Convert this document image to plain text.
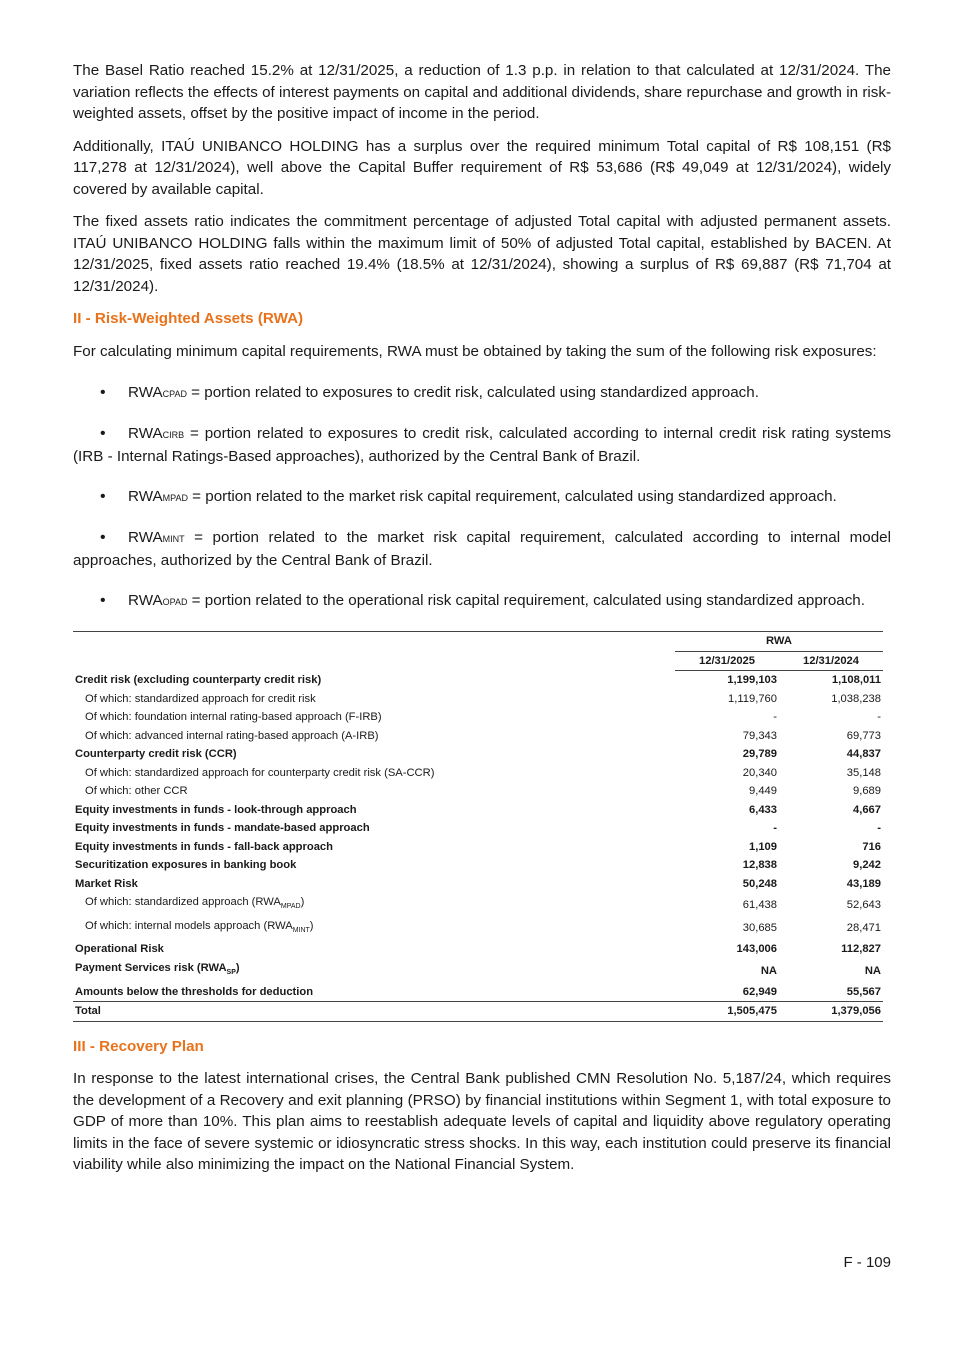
The Basel Ratio reached 15.2% at 12/31/2025, a reduction of 1.3 p.p. in relation to that calculated at 12/31/2024. The variation reflects the effects of interest payments on capital and additional dividends, share repurchase and growth in risk-weighted assets, offset by the positive impact of income in the period.

Additionally, ITAÚ UNIBANCO HOLDING has a surplus over the required minimum Total capital of R$ 108,151 (R$ 117,278 at 12/31/2024), well above the Capital Buffer requirement of R$ 53,686 (R$ 49,049 at 12/31/2024), widely covered by available capital.

The fixed assets ratio indicates the commitment percentage of adjusted Total capital with adjusted permanent assets. ITAÚ UNIBANCO HOLDING falls within the maximum limit of 50% of adjusted Total capital, established by BACEN. At 12/31/2025, fixed assets ratio reached 19.4% (18.5% at 12/31/2024), showing a surplus of R$ 69,887 (R$ 71,704 at 12/31/2024).

II - Risk-Weighted Assets (RWA)

For calculating minimum capital requirements, RWA must be obtained by taking the sum of the following risk exposures:

• RWACPAD = portion related to exposures to credit risk, calculated using standardized approach.
• RWACIRB = portion related to exposures to credit risk, calculated according to internal credit risk rating systems (IRB - Internal Ratings-Based approaches), authorized by the Central Bank of Brazil.
• RWAMPAD = portion related to the market risk capital requirement, calculated using standardized approach.
• RWAMINT = portion related to the market risk capital requirement, calculated according to internal model approaches, authorized by the Central Bank of Brazil.
• RWAOPAD = portion related to the operational risk capital requirement, calculated using standardized approach.
	RWA	
	12/31/2025	12/31/2024
Credit risk (excluding counterparty credit risk)	1,199,103	1,108,011
Of which: standardized approach for credit risk	1,119,760	1,038,238
Of which: foundation internal rating-based approach (F-IRB)	-	-
Of which: advanced internal rating-based approach (A-IRB)	79,343	69,773
Counterparty credit risk (CCR)	29,789	44,837
Of which: standardized approach for counterparty credit risk (SA-CCR)	20,340	35,148
Of which: other CCR	9,449	9,689
Equity investments in funds - look-through approach	6,433	4,667
Equity investments in funds - mandate-based approach	-	-
Equity investments in funds - fall-back approach	1,109	716
Securitization exposures in banking book	12,838	9,242
Market Risk	50,248	43,189
Of which: standardized approach $(RWA_{MPAD})$	61,438	52,643
Of which: internal models approach $(RWA_{MINT})$	30,685	28,471
Operational Risk	143,006	112,827
Payment Services risk $(RWA_{SP})$	NA	NA
Amounts below the thresholds for deduction	62,949	55,567
Total	1,505,475	1,379,056
III - Recovery Plan

In response to the latest international crises, the Central Bank published CMN Resolution No. 5,187/24, which requires the development of a Recovery and exit planning (PRSO) by financial institutions within Segment 1, with total exposure to GDP of more than 10%. This plan aims to reestablish adequate levels of capital and liquidity above regulatory operating limits in the face of severe systemic or idiosyncratic stress shocks. In this way, each institution could preserve its financial viability while also minimizing the impact on the National Financial System.

F - 109
